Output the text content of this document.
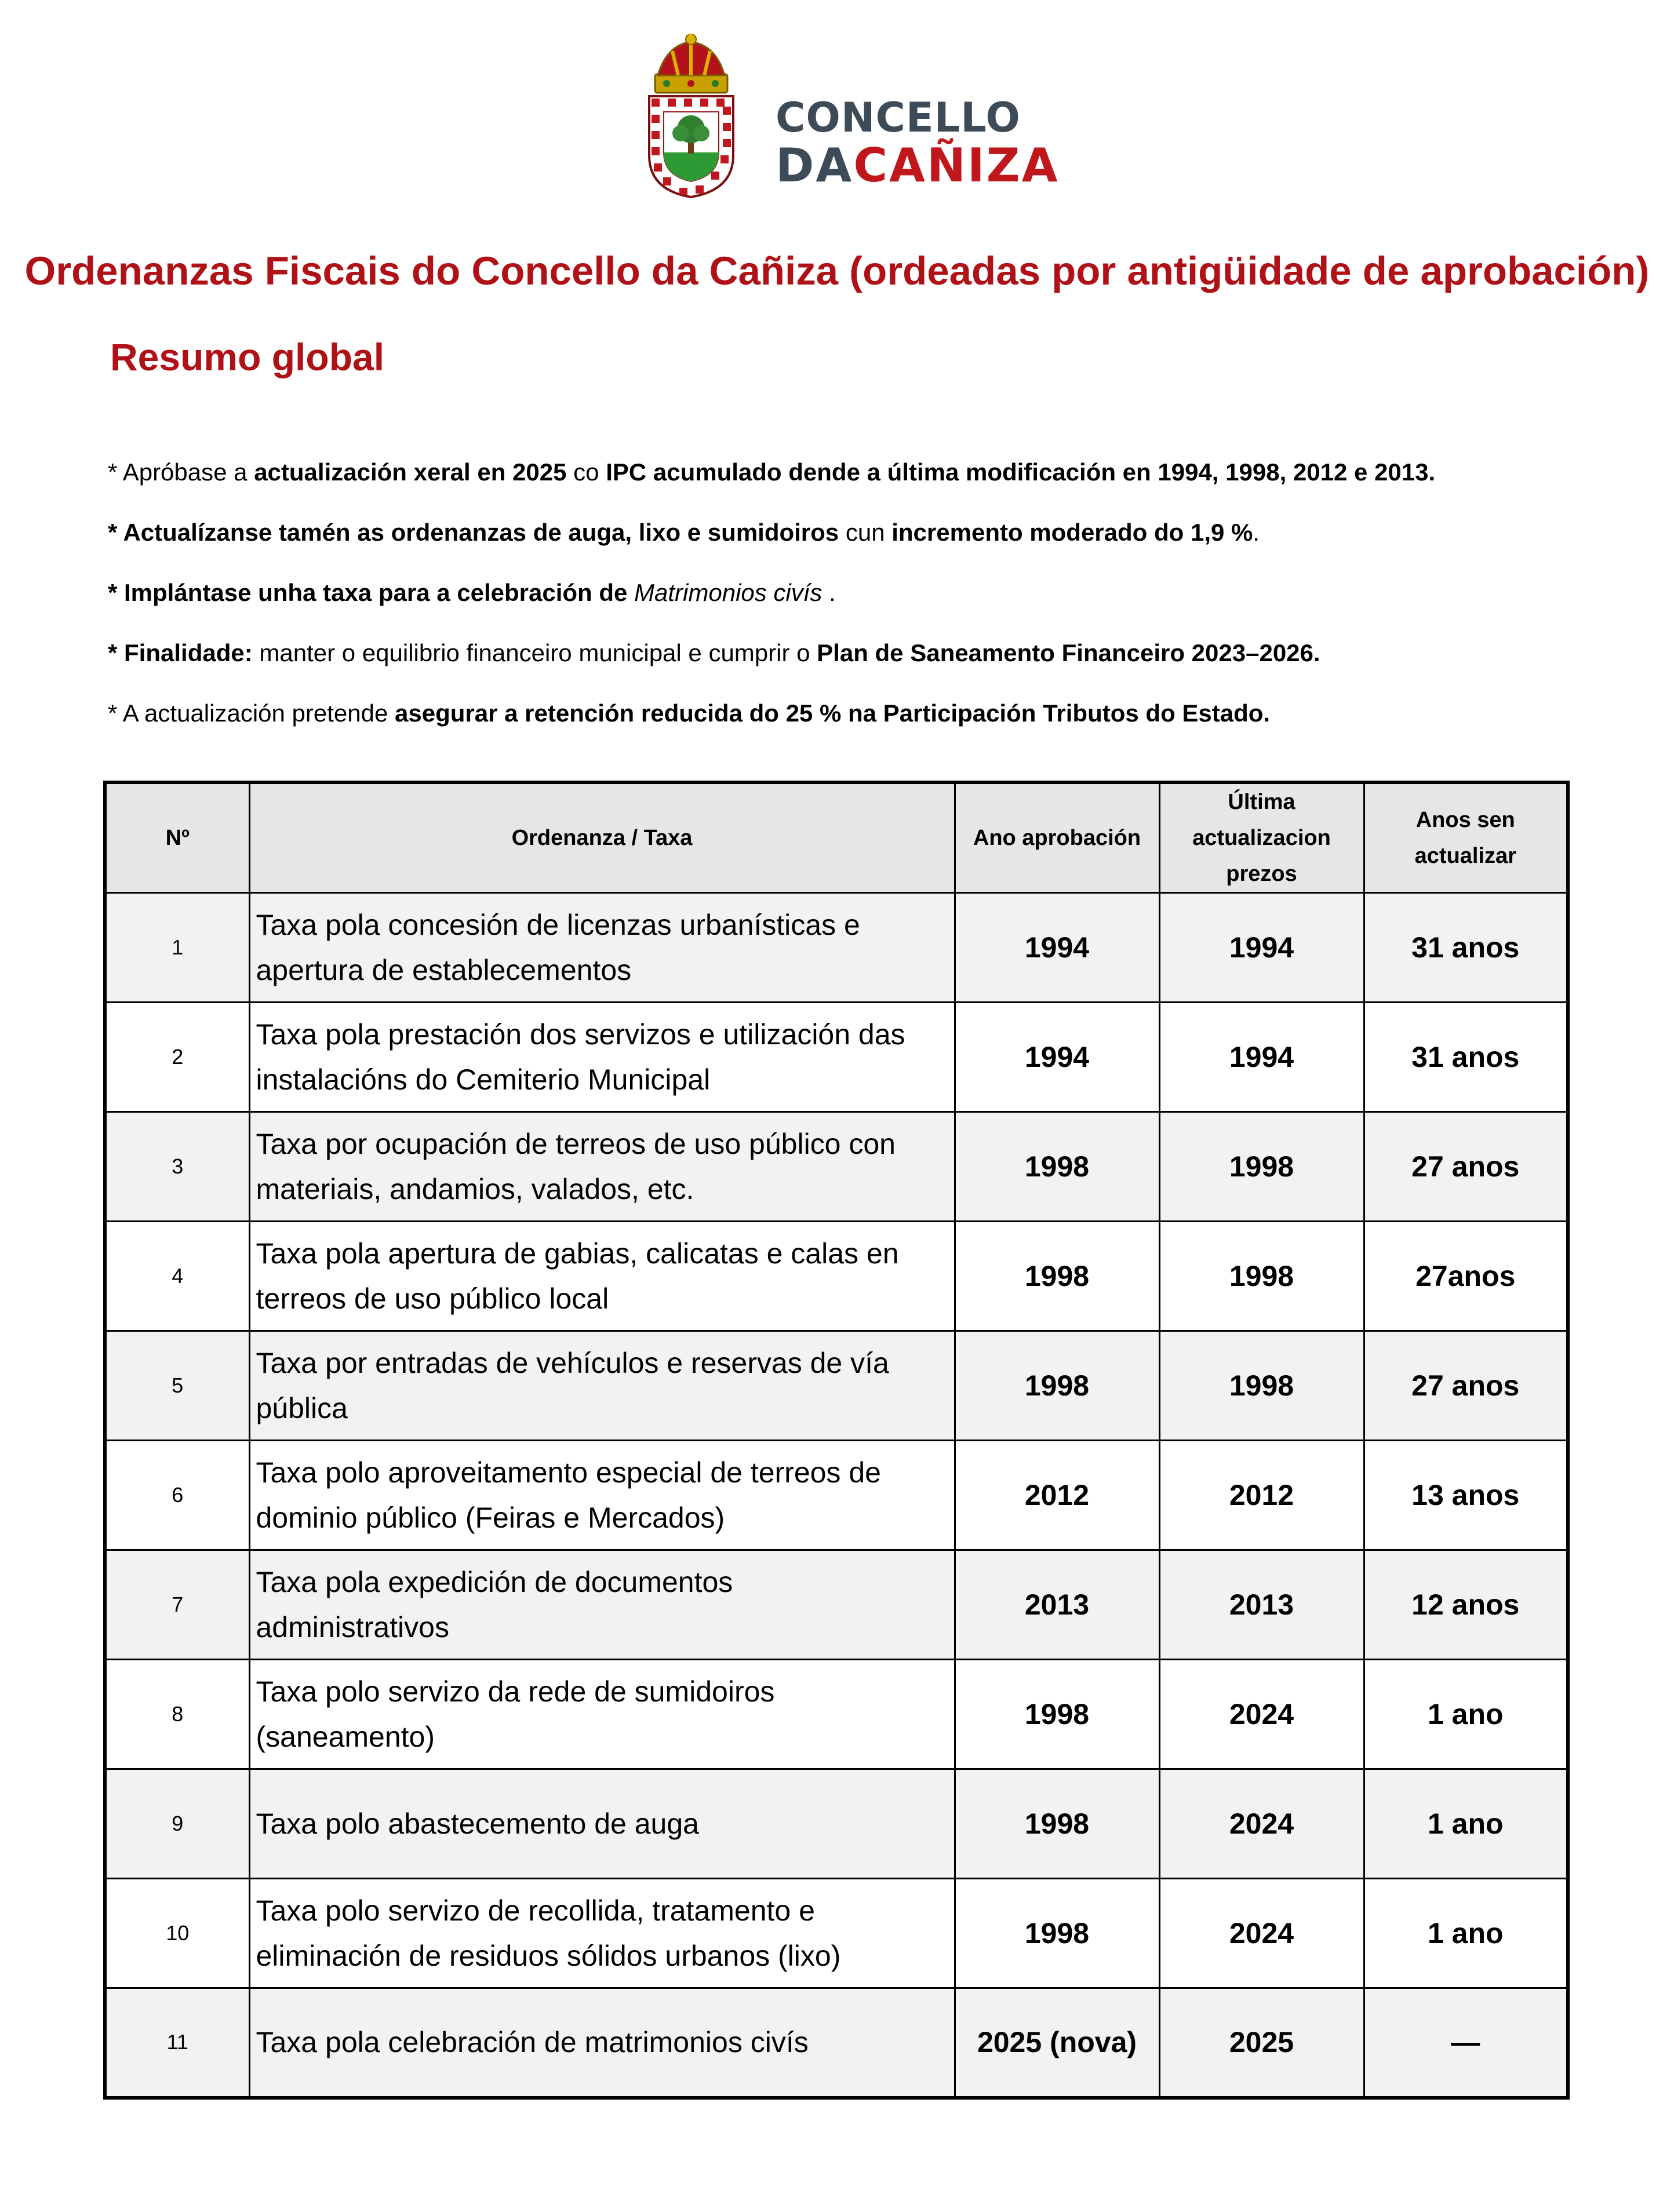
CONCELLO
DACAÑIZA
Ordenanzas Fiscais do Concello da Cañiza (ordeadas por antigüidade de aprobación)
Resumo global
* Apróbase a actualización xeral en 2025 co IPC acumulado dende a última modificación en 1994, 1998, 2012 e 2013.
* Actualízanse tamén as ordenanzas de auga, lixo e sumidoiros cun incremento moderado do 1,9 %.
* Implántase unha taxa para a celebración de Matrimonios civís .
* Finalidade: manter o equilibrio financeiro municipal e cumprir o Plan de Saneamento Financeiro 2023–2026.
* A actualización pretende asegurar a retención reducida do 25 % na Participación Tributos do Estado.
Nº	Ordenanza / Taxa	Ano aprobación	Última
actualizacion
prezos	Anos sen
actualizar
1	Taxa pola concesión de licenzas urbanísticas e
apertura de establecementos	1994	1994	31 anos
2	Taxa pola prestación dos servizos e utilización das
instalacións do Cemiterio Municipal	1994	1994	31 anos
3	Taxa por ocupación de terreos de uso público con
materiais, andamios, valados, etc.	1998	1998	27 anos
4	Taxa pola apertura de gabias, calicatas e calas en
terreos de uso público local	1998	1998	27anos
5	Taxa por entradas de vehículos e reservas de vía
pública	1998	1998	27 anos
6	Taxa polo aproveitamento especial de terreos de
dominio público (Feiras e Mercados)	2012	2012	13 anos
7	Taxa pola expedición de documentos
administrativos	2013	2013	12 anos
8	Taxa polo servizo da rede de sumidoiros
(saneamento)	1998	2024	1 ano
9	Taxa polo abastecemento de auga	1998	2024	1 ano
10	Taxa polo servizo de recollida, tratamento e
eliminación de residuos sólidos urbanos (lixo)	1998	2024	1 ano
11	Taxa pola celebración de matrimonios civís	2025 (nova)	2025	—
